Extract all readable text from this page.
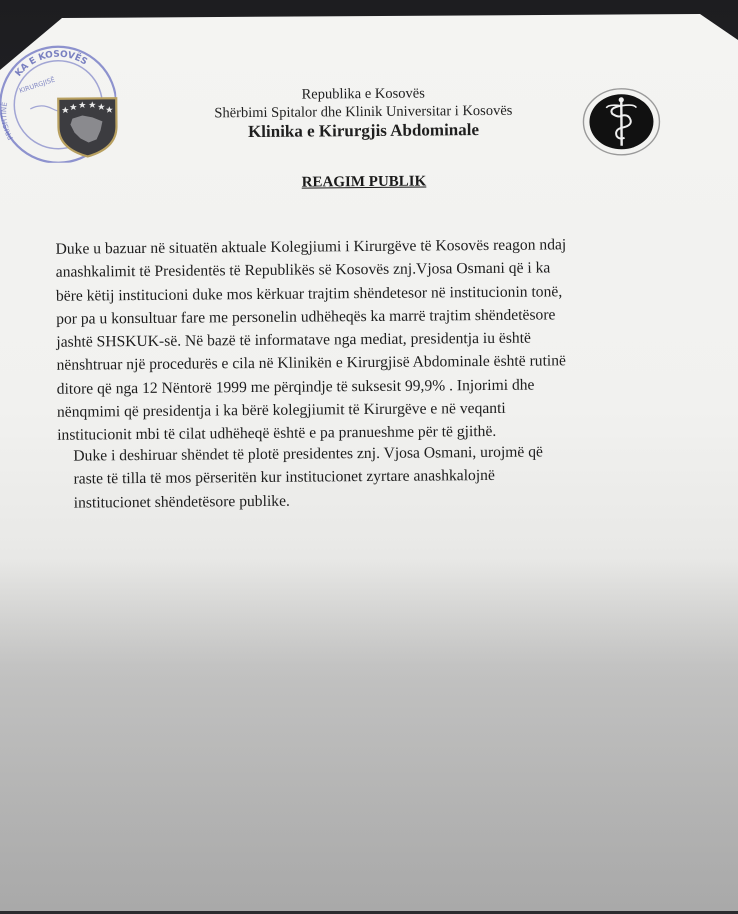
KA E KOSOVËS
KIRURGJISË
PRISHTINË
Republika e Kosovës
Shërbimi Spitalor dhe Klinik Universitar i Kosovës
Klinika e Kirurgjis Abdominale
REAGIM PUBLIK
Duke u bazuar në situatën aktuale Kolegjiumi i Kirurgëve të Kosovës reagon ndaj
anashkalimit të Presidentës të Republikës së Kosovës znj.Vjosa Osmani që i ka
bëre këtij institucioni duke mos kërkuar trajtim shëndetesor në institucionin tonë,
por pa u konsultuar fare me personelin udhëheqës ka marrë trajtim shëndetësore
jashtë SHSKUK-së. Në bazë të informatave nga mediat, presidentja iu është
nënshtruar një procedurës e cila në Klinikën e Kirurgjisë Abdominale është rutinë
ditore që nga 12 Nëntorë 1999 me përqindje të suksesit 99,9% . Injorimi dhe
nënqmimi që presidentja i ka bërë kolegjiumit të Kirurgëve e në veqanti
institucionit mbi të cilat udhëheqë është e pa pranueshme për të gjithë.
Duke i deshiruar shëndet të plotë presidentes znj. Vjosa Osmani, urojmë që
raste të tilla të mos përseritën kur institucionet zyrtare anashkalojnë
institucionet shëndetësore publike.
